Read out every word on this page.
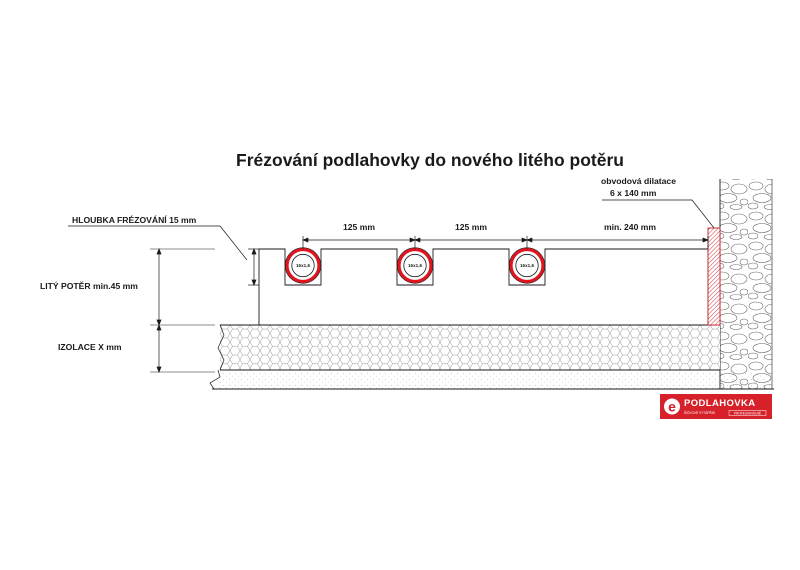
Frézování podlahovky do nového litého potěru
16x1,6	16x1,6	16x1,6
125 mm	125 mm	min. 240 mm
HLOUBKA FRÉZOVÁNÍ 15 mm
LITÝ POTĚR min.45 mm
IZOLACE X mm
obvodová dilatace
6 x 140 mm
e PODLAHOVKA
ŠIČKOVÉ VYTÁPĚNÍ	PROFESIONÁLNĚ
